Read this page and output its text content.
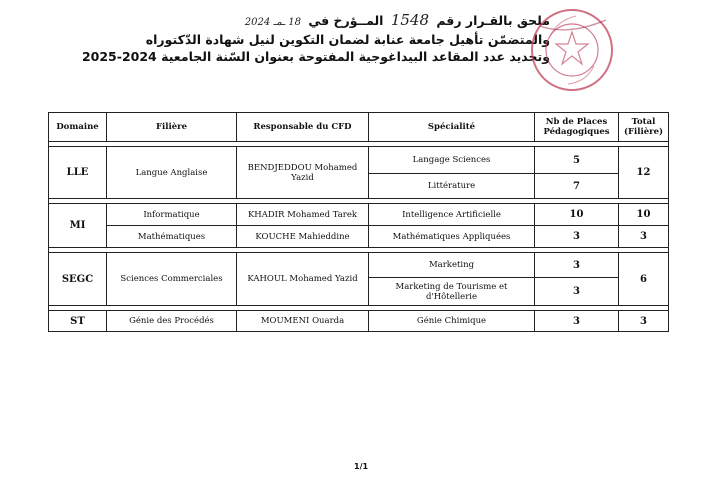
ملحق بالقـرار رقم 1548 المــؤرخ في 18 ـمـ 2024
والمتضمّن تأهيل جامعة عنابة لضمان التكوين لنيل شهادة الدّكتوراه
وتحديد عدد المقاعد البيداغوجية المفتوحة بعنوان السّنة الجامعية 2024-2025
Domaine	Filière	Responsable du CFD	Spécialité	Nb de Places Pédagogiques	Total (Filière)

LLE	Langue Anglaise	BENDJEDDOU Mohamed Yazid	Langage Sciences	5	12
			Littérature	7	

MI	Informatique	KHADIR Mohamed Tarek	Intelligence Artificielle	10	10
	Mathématiques	KOUCHE Mahieddine	Mathématiques Appliquées	3	3

SEGC	Sciences Commerciales	KAHOUL Mohamed Yazid	Marketing	3	6
			Marketing de Tourisme et d'Hôtellerie	3	

ST	Génie des Procédés	MOUMENI Ouarda	Génie Chimique	3	3
1/1
